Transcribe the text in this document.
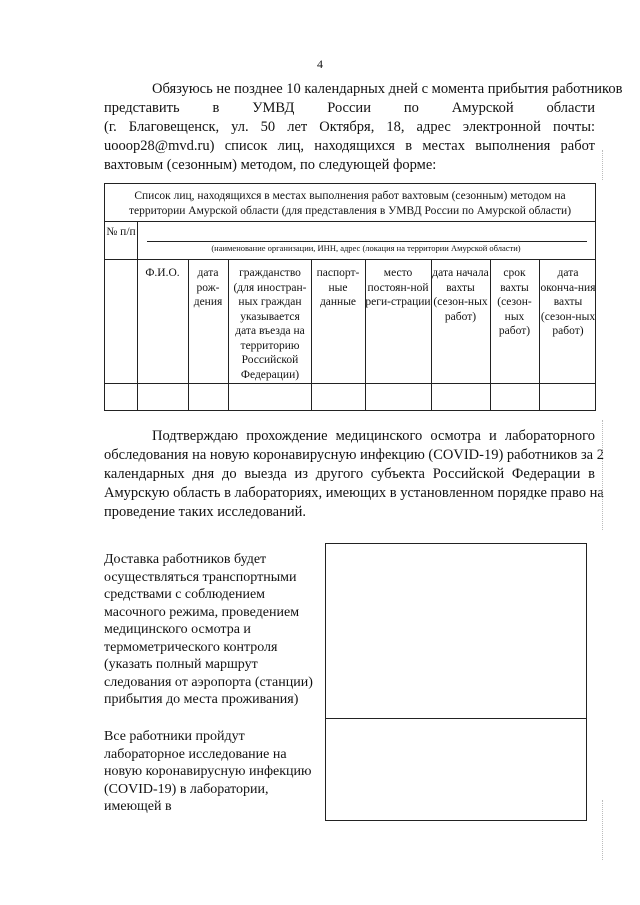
4
Обязуюсь не позднее 10 календарных дней с момента прибытия работников
представить в УМВД России по Амурской области
(г. Благовещенск, ул. 50 лет Октября, 18, адрес электронной почты:
uooop28@mvd.ru) список лиц, находящихся в местах выполнения работ
вахтовым (сезонным) методом, по следующей форме:
Список лиц, находящихся в местах выполнения работ вахтовым (сезонным) методом на территории Амурской области (для представления в УМВД России по Амурской области)
№ п/п
(наименование организации, ИНН, адрес (локация на территории Амурской области)
Ф.И.О.	дата рож-дения
гражданство (для иностран-ных граждан указывается дата въезда на территорию Российской Федерации)
паспорт-ные данные
место постоян-ной реги-страции
дата начала вахты (сезон-ных работ)
срок вахты (сезон-ных работ)
дата оконча-ния вахты (сезон-ных работ)
Подтверждаю прохождение медицинского осмотра и лабораторного
обследования на новую коронавирусную инфекцию (COVID-19) работников за 2
календарных дня до выезда из другого субъекта Российской Федерации в
Амурскую область в лабораториях, имеющих в установленном порядке право на
проведение таких исследований.
Доставка работников будет осуществляться транспортными средствами с соблюдением масочного режима, проведением медицинского осмотра и термометрического контроля (указать полный маршрут следования от аэропорта (станции) прибытия до места проживания)
Все работники пройдут лабораторное исследование на новую коронавирусную инфекцию (COVID-19) в лаборатории, имеющей в
